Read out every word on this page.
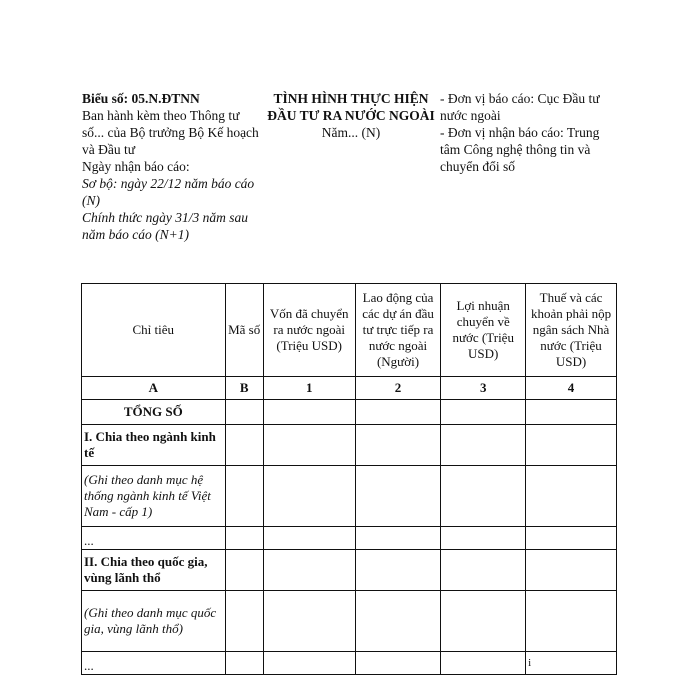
Biểu số: 05.N.ĐTNN
Ban hành kèm theo Thông tư số... của Bộ trưởng Bộ Kế hoạch và Đầu tư
Ngày nhận báo cáo:
Sơ bộ: ngày 22/12 năm báo cáo (N)
Chính thức ngày 31/3 năm sau năm báo cáo (N+1)
TÌNH HÌNH THỰC HIỆN ĐẦU TƯ RA NƯỚC NGOÀI
Năm... (N)
- Đơn vị báo cáo: Cục Đầu tư nước ngoài
- Đơn vị nhận báo cáo: Trung tâm Công nghệ thông tin và chuyển đổi số
Chỉ tiêu	Mã số	Vốn đã chuyển ra nước ngoài (Triệu USD)	Lao động của các dự án đầu tư trực tiếp ra nước ngoài (Người)	Lợi nhuận chuyển về nước (Triệu USD)	Thuế và các khoản phải nộp ngân sách Nhà nước (Triệu USD)
A	B	1	2	3	4
TỔNG SỐ					
I. Chia theo ngành kinh tế					
(Ghi theo danh mục hệ thống ngành kinh tế Việt Nam - cấp 1)					
...					
II. Chia theo quốc gia, vùng lãnh thổ					
(Ghi theo danh mục quốc gia, vùng lãnh thổ)					
...					i
